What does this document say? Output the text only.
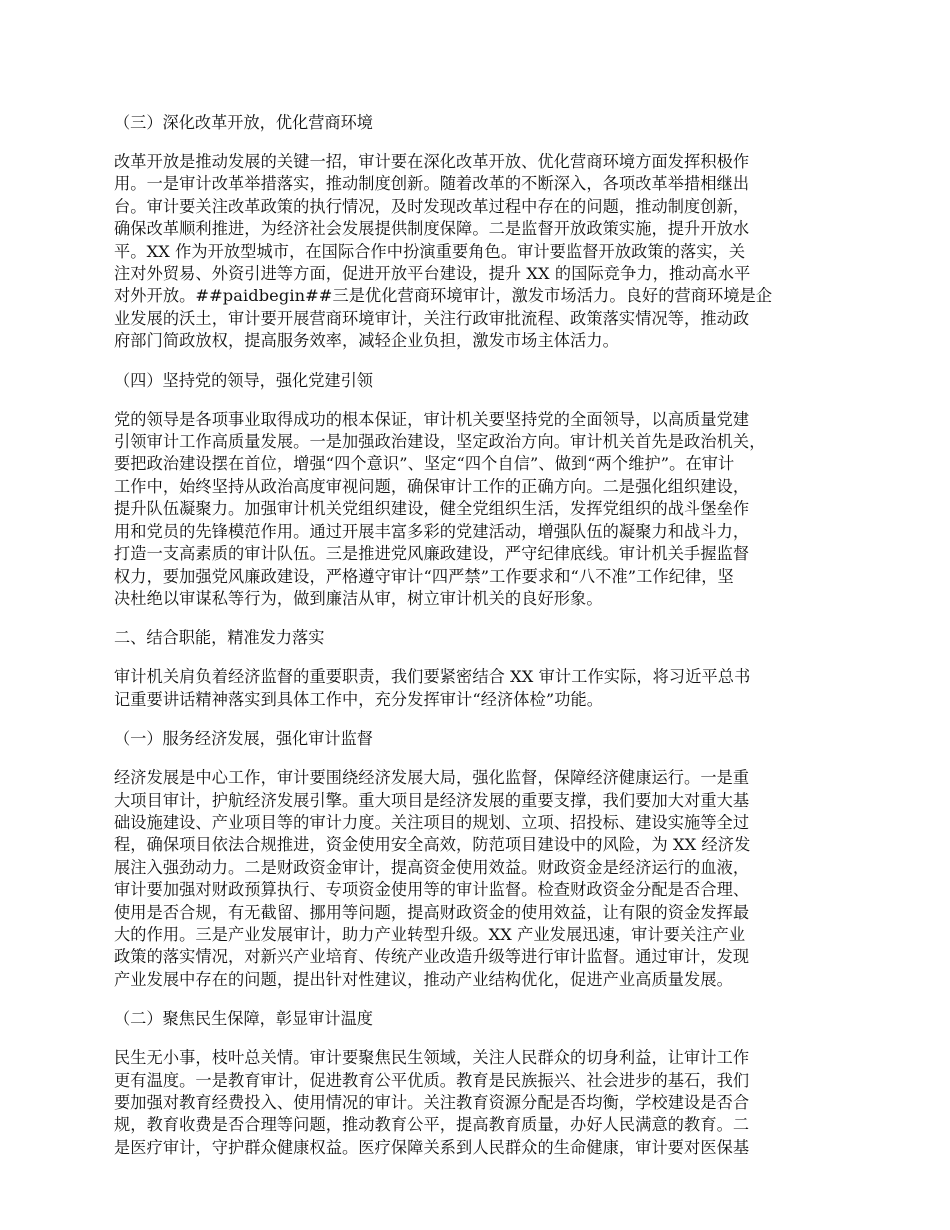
（三）深化改革开放，优化营商环境
改革开放是推动发展的关键一招，审计要在深化改革开放、优化营商环境方面发挥积极作
用。一是审计改革举措落实，推动制度创新。随着改革的不断深入，各项改革举措相继出
台。审计要关注改革政策的执行情况，及时发现改革过程中存在的问题，推动制度创新，
确保改革顺利推进，为经济社会发展提供制度保障。二是监督开放政策实施，提升开放水
平。XX 作为开放型城市，在国际合作中扮演重要角色。审计要监督开放政策的落实，关
注对外贸易、外资引进等方面，促进开放平台建设，提升 XX 的国际竞争力，推动高水平
对外开放。##paidbegin##三是优化营商环境审计，激发市场活力。良好的营商环境是企
业发展的沃土，审计要开展营商环境审计，关注行政审批流程、政策落实情况等，推动政
府部门简政放权，提高服务效率，减轻企业负担，激发市场主体活力。
（四）坚持党的领导，强化党建引领
党的领导是各项事业取得成功的根本保证，审计机关要坚持党的全面领导，以高质量党建
引领审计工作高质量发展。一是加强政治建设，坚定政治方向。审计机关首先是政治机关，
要把政治建设摆在首位，增强“四个意识”、坚定“四个自信”、做到“两个维护”。在审计
工作中，始终坚持从政治高度审视问题，确保审计工作的正确方向。二是强化组织建设，
提升队伍凝聚力。加强审计机关党组织建设，健全党组织生活，发挥党组织的战斗堡垒作
用和党员的先锋模范作用。通过开展丰富多彩的党建活动，增强队伍的凝聚力和战斗力，
打造一支高素质的审计队伍。三是推进党风廉政建设，严守纪律底线。审计机关手握监督
权力，要加强党风廉政建设，严格遵守审计“四严禁”工作要求和“八不准”工作纪律，坚
决杜绝以审谋私等行为，做到廉洁从审，树立审计机关的良好形象。
二、结合职能，精准发力落实
审计机关肩负着经济监督的重要职责，我们要紧密结合 XX 审计工作实际，将习近平总书
记重要讲话精神落实到具体工作中，充分发挥审计“经济体检”功能。
（一）服务经济发展，强化审计监督
经济发展是中心工作，审计要围绕经济发展大局，强化监督，保障经济健康运行。一是重
大项目审计，护航经济发展引擎。重大项目是经济发展的重要支撑，我们要加大对重大基
础设施建设、产业项目等的审计力度。关注项目的规划、立项、招投标、建设实施等全过
程，确保项目依法合规推进，资金使用安全高效，防范项目建设中的风险，为 XX 经济发
展注入强劲动力。二是财政资金审计，提高资金使用效益。财政资金是经济运行的血液，
审计要加强对财政预算执行、专项资金使用等的审计监督。检查财政资金分配是否合理、
使用是否合规，有无截留、挪用等问题，提高财政资金的使用效益，让有限的资金发挥最
大的作用。三是产业发展审计，助力产业转型升级。XX 产业发展迅速，审计要关注产业
政策的落实情况，对新兴产业培育、传统产业改造升级等进行审计监督。通过审计，发现
产业发展中存在的问题，提出针对性建议，推动产业结构优化，促进产业高质量发展。
（二）聚焦民生保障，彰显审计温度
民生无小事，枝叶总关情。审计要聚焦民生领域，关注人民群众的切身利益，让审计工作
更有温度。一是教育审计，促进教育公平优质。教育是民族振兴、社会进步的基石，我们
要加强对教育经费投入、使用情况的审计。关注教育资源分配是否均衡，学校建设是否合
规，教育收费是否合理等问题，推动教育公平，提高教育质量，办好人民满意的教育。二
是医疗审计，守护群众健康权益。医疗保障关系到人民群众的生命健康，审计要对医保基
